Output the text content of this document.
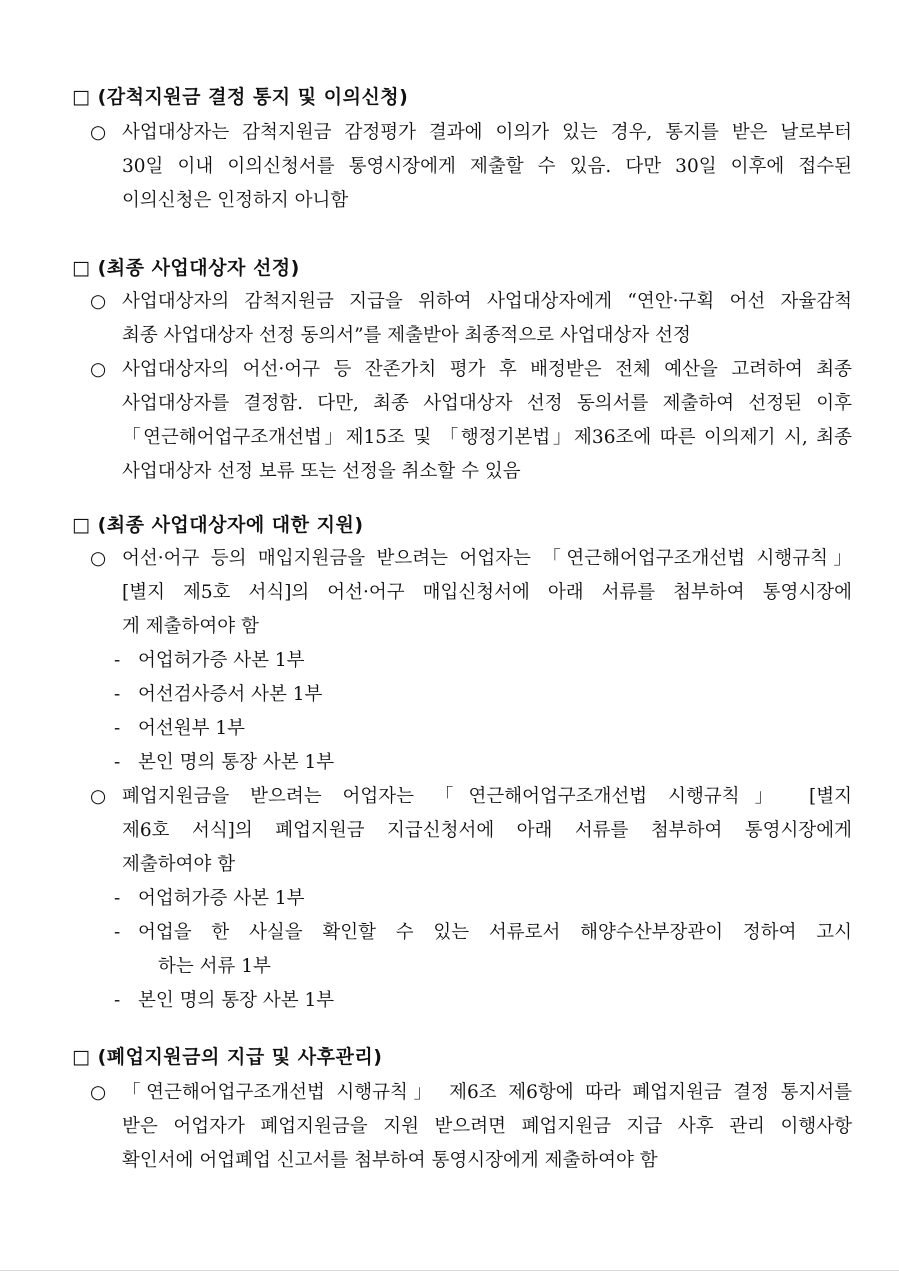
□ (감척지원금 결정 통지 및 이의신청)
○ 사업대상자는 감척지원금 감정평가 결과에 이의가 있는 경우, 통지를 받은 날로부터
30일 이내 이의신청서를 통영시장에게 제출할 수 있음. 다만 30일 이후에 접수된
이의신청은 인정하지 아니함
□ (최종 사업대상자 선정)
○ 사업대상자의 감척지원금 지급을 위하여 사업대상자에게 “연안·구획 어선 자율감척
최종 사업대상자 선정 동의서”를 제출받아 최종적으로 사업대상자 선정
○ 사업대상자의 어선·어구 등 잔존가치 평가 후 배정받은 전체 예산을 고려하여 최종
사업대상자를 결정함. 다만, 최종 사업대상자 선정 동의서를 제출하여 선정된 이후
「연근해어업구조개선법」제15조 및 「행정기본법」제36조에 따른 이의제기 시, 최종
사업대상자 선정 보류 또는 선정을 취소할 수 있음
□ (최종 사업대상자에 대한 지원)
○ 어선·어구 등의 매입지원금을 받으려는 어업자는 「연근해어업구조개선법 시행규칙」
[별지 제5호 서식]의 어선·어구 매입신청서에 아래 서류를 첨부하여 통영시장에
게 제출하여야 함
- 어업허가증 사본 1부
- 어선검사증서 사본 1부
- 어선원부 1부
- 본인 명의 통장 사본 1부
○ 폐업지원금을 받으려는 어업자는 「연근해어업구조개선법 시행규칙」 [별지
제6호 서식]의 폐업지원금 지급신청서에 아래 서류를 첨부하여 통영시장에게
제출하여야 함
- 어업허가증 사본 1부
- 어업을 한 사실을 확인할 수 있는 서류로서 해양수산부장관이 정하여 고시
하는 서류 1부
- 본인 명의 통장 사본 1부
□ (폐업지원금의 지급 및 사후관리)
○ 「연근해어업구조개선법 시행규칙」 제6조 제6항에 따라 폐업지원금 결정 통지서를
받은 어업자가 폐업지원금을 지원 받으려면 폐업지원금 지급 사후 관리 이행사항
확인서에 어업폐업 신고서를 첨부하여 통영시장에게 제출하여야 함
